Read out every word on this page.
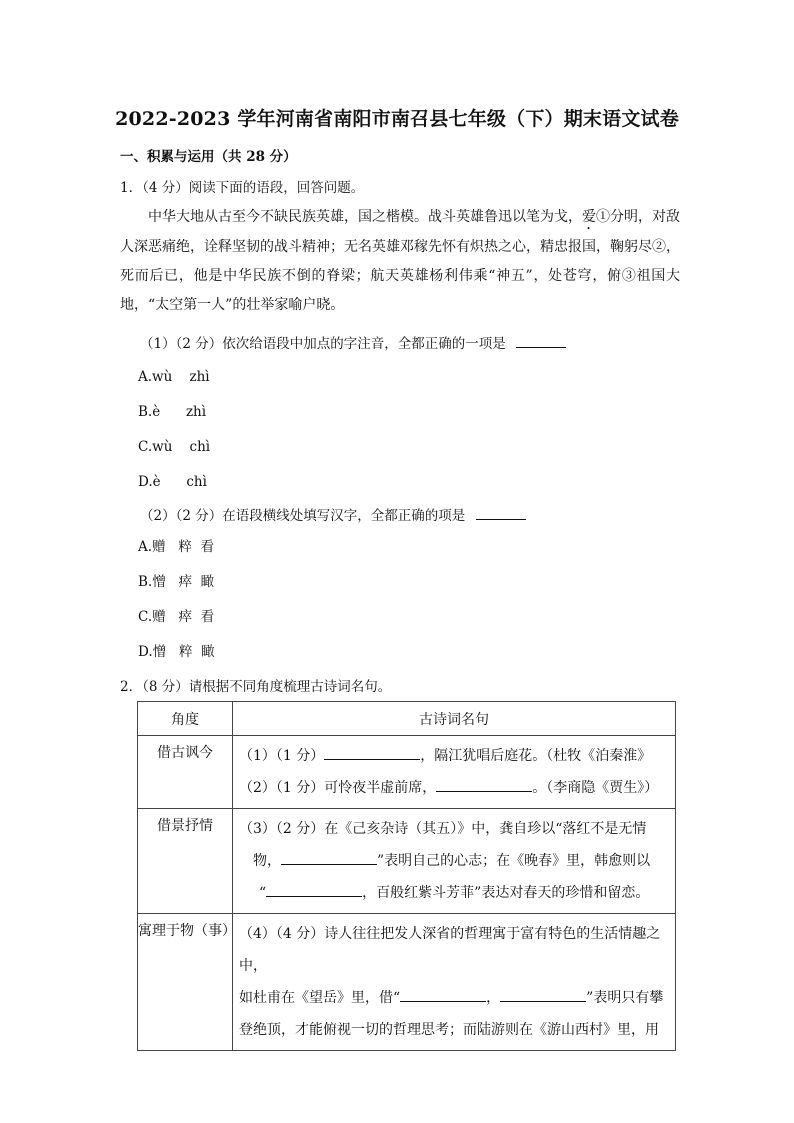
2022-2023 学年河南省南阳市南召县七年级（下）期末语文试卷
一、积累与运用（共 28 分）
1．（4 分）阅读下面的语段，回答问题。
中华大地从古至今不缺民族英雄，国之楷模。战斗英雄鲁迅以笔为戈，爱①分明，对敌人深恶痛绝，诠释坚韧的战斗精神；无名英雄邓稼先怀有炽热之心，精忠报国，鞠躬尽②，死而后已，他是中华民族不倒的脊梁；航天英雄杨利伟乘“神五”，处苍穹，俯③祖国大地，“太空第一人”的壮举家喻户晓。
（1）（2 分）依次给语段中加点的字注音，全都正确的一项是
A.wù    zhì
B.è      zhì
C.wù    chì
D.è      chì
（2）（2 分）在语段横线处填写汉字，全都正确的项是
A.赠   粹  看
B.憎   瘁  瞰
C.赠   瘁  看
D.憎   粹  瞰
2．（8 分）请根据不同角度梳理古诗词名句。
角度	古诗词名句
借古讽今	（1）（1 分） ，隔江犹唱后庭花。（杜牧《泊秦淮》
（2）（1 分）可怜夜半虚前席， 。（李商隐《贾生》）

借景抒情	（3）（2 分）在《己亥杂诗（其五）》中，龚自珍以“落红不是无情
物， ”表明自己的心志；在《晚春》里，韩愈则以
“ ，百般红紫斗芳菲”表达对春天的珍惜和留恋。

寓理于物（事）	（4）（4 分）诗人往往把发人深省的哲理寓于富有特色的生活情趣之中，
如杜甫在《望岳》里，借“ ， ”表明只有攀
登绝顶，才能俯视一切的哲理思考；而陆游则在《游山西村》里，用
